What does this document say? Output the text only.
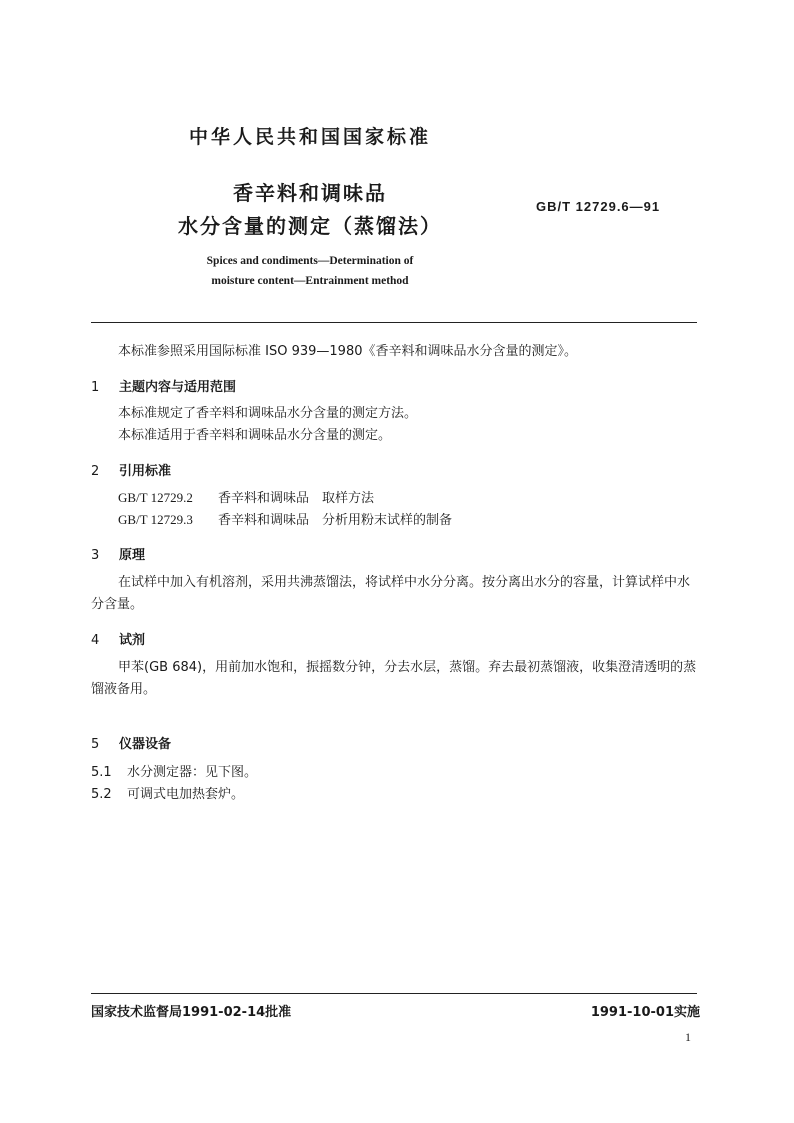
中华人民共和国国家标准
香辛料和调味品
水分含量的测定（蒸馏法）
GB/T 12729.6—91
Spices and condiments—Determination of
moisture content—Entrainment method
本标准参照采用国际标准 ISO 939—1980《香辛料和调味品水分含量的测定》。
1 主题内容与适用范围
本标准规定了香辛料和调味品水分含量的测定方法。
本标准适用于香辛料和调味品水分含量的测定。
2 引用标准
GB/T 12729.2 香辛料和调味品　取样方法
GB/T 12729.3 香辛料和调味品　分析用粉末试样的制备
3 原理
在试样中加入有机溶剂，采用共沸蒸馏法，将试样中水分分离。按分离出水分的容量，计算试样中水
分含量。
4 试剂
甲苯(GB 684)，用前加水饱和，振摇数分钟，分去水层，蒸馏。弃去最初蒸馏液，收集澄清透明的蒸
馏液备用。
5 仪器设备
5.1 水分测定器：见下图。
5.2 可调式电加热套炉。
国家技术监督局1991-02-14批准	1991-10-01实施
1
